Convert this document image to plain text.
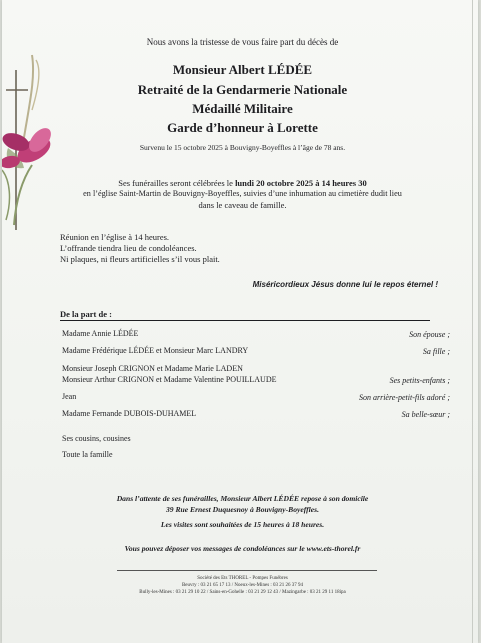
Nous avons la tristesse de vous faire part du décès de
Monsieur Albert LÉDÉE
Retraité de la Gendarmerie Nationale
Médaillé Militaire
Garde d’honneur à Lorette
Survenu le 15 octobre 2025 à Bouvigny-Boyeffles à l’âge de 78 ans.
Ses funérailles seront célébrées le lundi 20 octobre 2025 à 14 heures 30
en l’église Saint-Martin de Bouvigny-Boyeffles, suivies d’une inhumation au cimetière dudit lieu
dans le caveau de famille.
Réunion en l’église à 14 heures.
L’offrande tiendra lieu de condoléances.
Ni plaques, ni fleurs artificielles s’il vous plait.
Miséricordieux Jésus donne lui le repos éternel !
De la part de :
Madame Annie LÉDÉE	Son épouse ;
Madame Frédérique LÉDÉE et Monsieur Marc LANDRY	Sa fille ;
Monsieur Joseph CRIGNON et Madame Marie LADEN
Monsieur Arthur CRIGNON et Madame Valentine POUILLAUDE	Ses petits-enfants ;
Jean	Son arrière-petit-fils adoré ;
Madame Fernande DUBOIS-DUHAMEL	Sa belle-sœur ;
Ses cousins, cousines
Toute la famille
Dans l’attente de ses funérailles, Monsieur Albert LÉDÉE repose à son domicile
39 Rue Ernest Duquesnoy à Bouvigny-Boyeffles.
Les visites sont souhaitées de 15 heures à 18 heures.
Vous pouvez déposer vos messages de condoléances sur le www.ets-thorel.fr
Société des Ets THOREL - Pompes Funèbres
Beuvry : 03 21 65 17 13 / Noeux-les-Mines : 03 21 26 37 94
Bully-les-Mines : 03 21 29 10 22 / Sains-en-Gohelle : 03 21 29 12 43 / Mazingarbe : 03 21 29 11 18ipa
